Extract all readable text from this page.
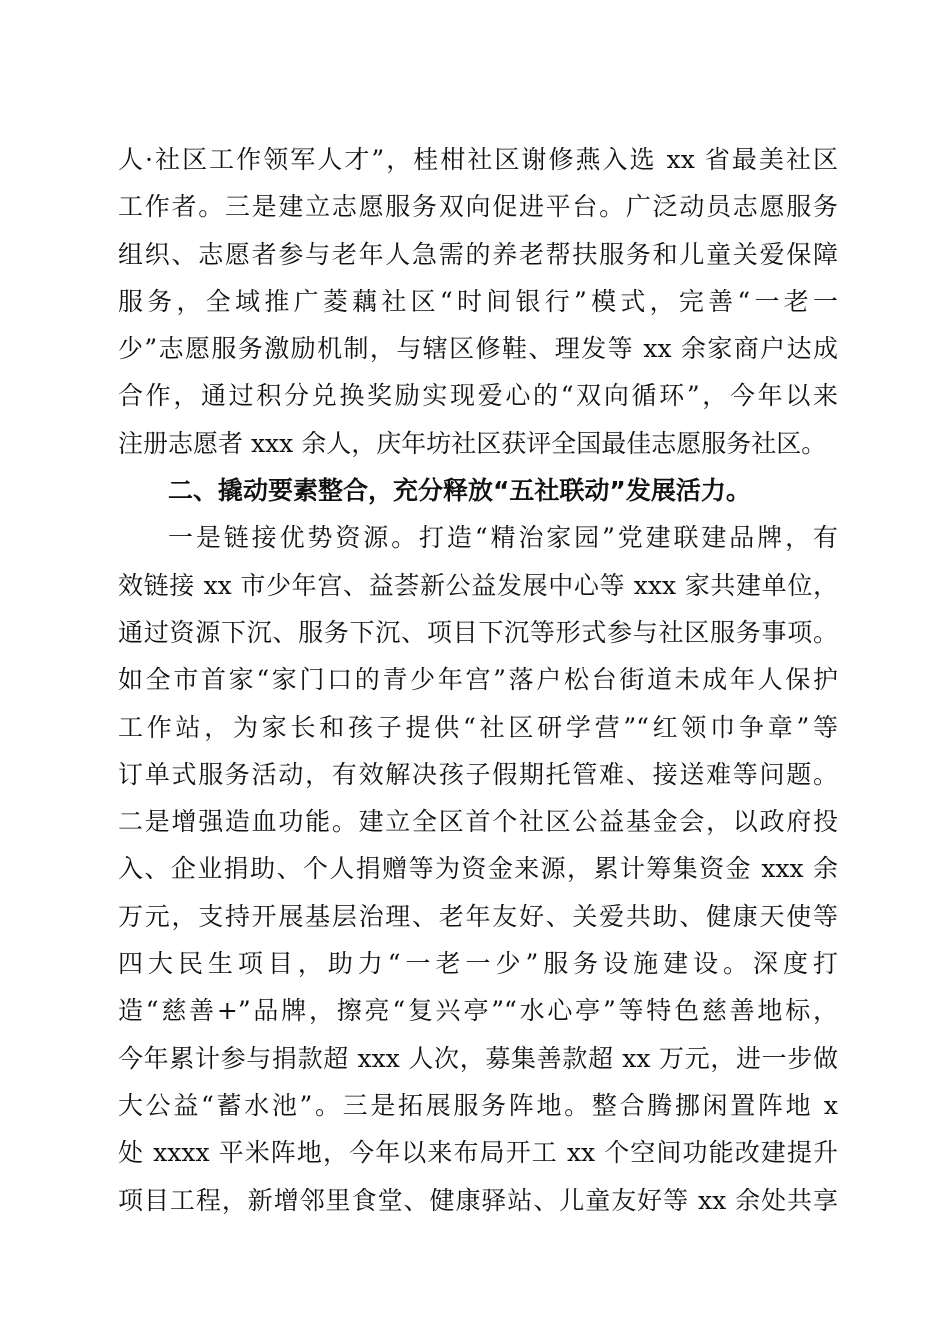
人·社区工作领军人才”，桂柑社区谢修燕入选 xx 省最美社区
工作者。三是建立志愿服务双向促进平台。广泛动员志愿服务
组织、志愿者参与老年人急需的养老帮扶服务和儿童关爱保障
服务，全域推广菱藕社区“时间银行”模式，完善“一老一
少”志愿服务激励机制，与辖区修鞋、理发等 xx 余家商户达成
合作，通过积分兑换奖励实现爱心的“双向循环”，今年以来
注册志愿者 xxx 余人，庆年坊社区获评全国最佳志愿服务社区。
二、撬动要素整合，充分释放“五社联动”发展活力。
一是链接优势资源。打造“精治家园”党建联建品牌，有
效链接 xx 市少年宫、益荟新公益发展中心等 xxx 家共建单位，
通过资源下沉、服务下沉、项目下沉等形式参与社区服务事项。
如全市首家“家门口的青少年宫”落户松台街道未成年人保护
工作站，为家长和孩子提供“社区研学营”“红领巾争章”等
订单式服务活动，有效解决孩子假期托管难、接送难等问题。
二是增强造血功能。建立全区首个社区公益基金会，以政府投
入、企业捐助、个人捐赠等为资金来源，累计筹集资金 xxx 余
万元，支持开展基层治理、老年友好、关爱共助、健康天使等
四大民生项目，助力“一老一少”服务设施建设。深度打
造“慈善+”品牌，擦亮“复兴亭”“水心亭”等特色慈善地标，
今年累计参与捐款超 xxx 人次，募集善款超 xx 万元，进一步做
大公益“蓄水池”。三是拓展服务阵地。整合腾挪闲置阵地 x
处 xxxx 平米阵地，今年以来布局开工 xx 个空间功能改建提升
项目工程，新增邻里食堂、健康驿站、儿童友好等 xx 余处共享
